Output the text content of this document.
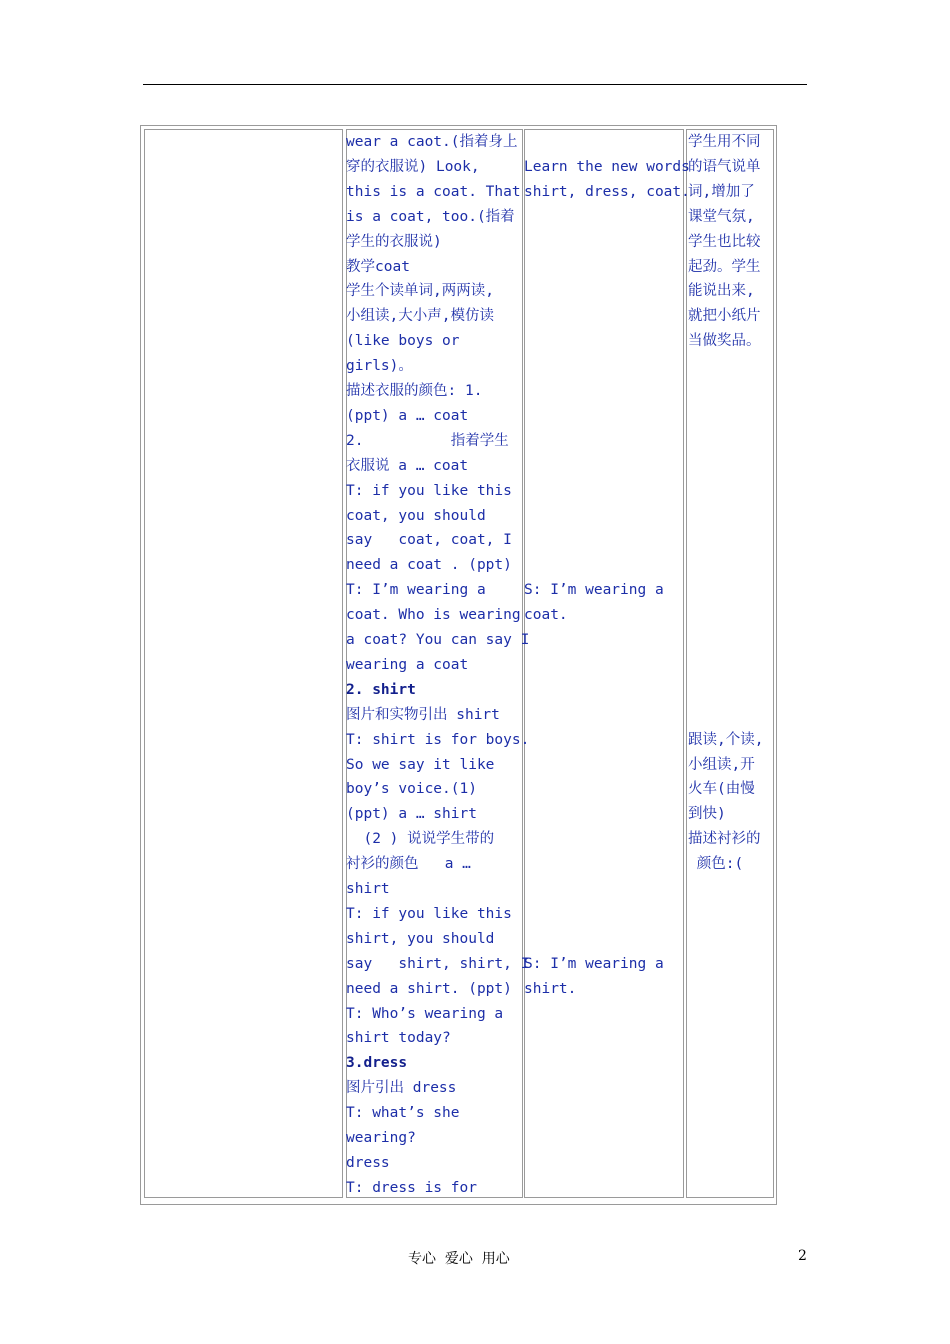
wear a caot.(指着身上
穿的衣服说) Look,
this is a coat. That
is a coat, too.(指着
学生的衣服说)
教学coat
学生个读单词,两两读,
小组读,大小声,模仿读
(like boys or
girls)。
描述衣服的颜色: 1.
(ppt) a … coat
2.          指着学生
衣服说 a … coat
T: if you like this
coat, you should
say   coat, coat, I
need a coat . (ppt)
T: I’m wearing a
coat. Who is wearing
a coat? You can say I
wearing a coat
2. shirt
图片和实物引出 shirt
T: shirt is for boys.
So we say it like
boy’s voice.(1)
(ppt) a … shirt
(2 ) 说说学生带的
衬衫的颜色   a …
shirt
T: if you like this
shirt, you should
say   shirt, shirt, I
need a shirt. (ppt)
T: Who’s wearing a
shirt today?
3.dress
图片引出 dress
T: what’s she
wearing?
dress
T: dress is for
Learn the new words
shirt, dress, coat.
S: I’m wearing a
coat.
S: I’m wearing a
shirt.
学生用不同
的语气说单
词,增加了
课堂气氛,
学生也比较
起劲。学生
能说出来,
就把小纸片
当做奖品。
跟读,个读,
小组读,开
火车(由慢
到快)
描述衬衫的
颜色:(
专心  爱心  用心	2
